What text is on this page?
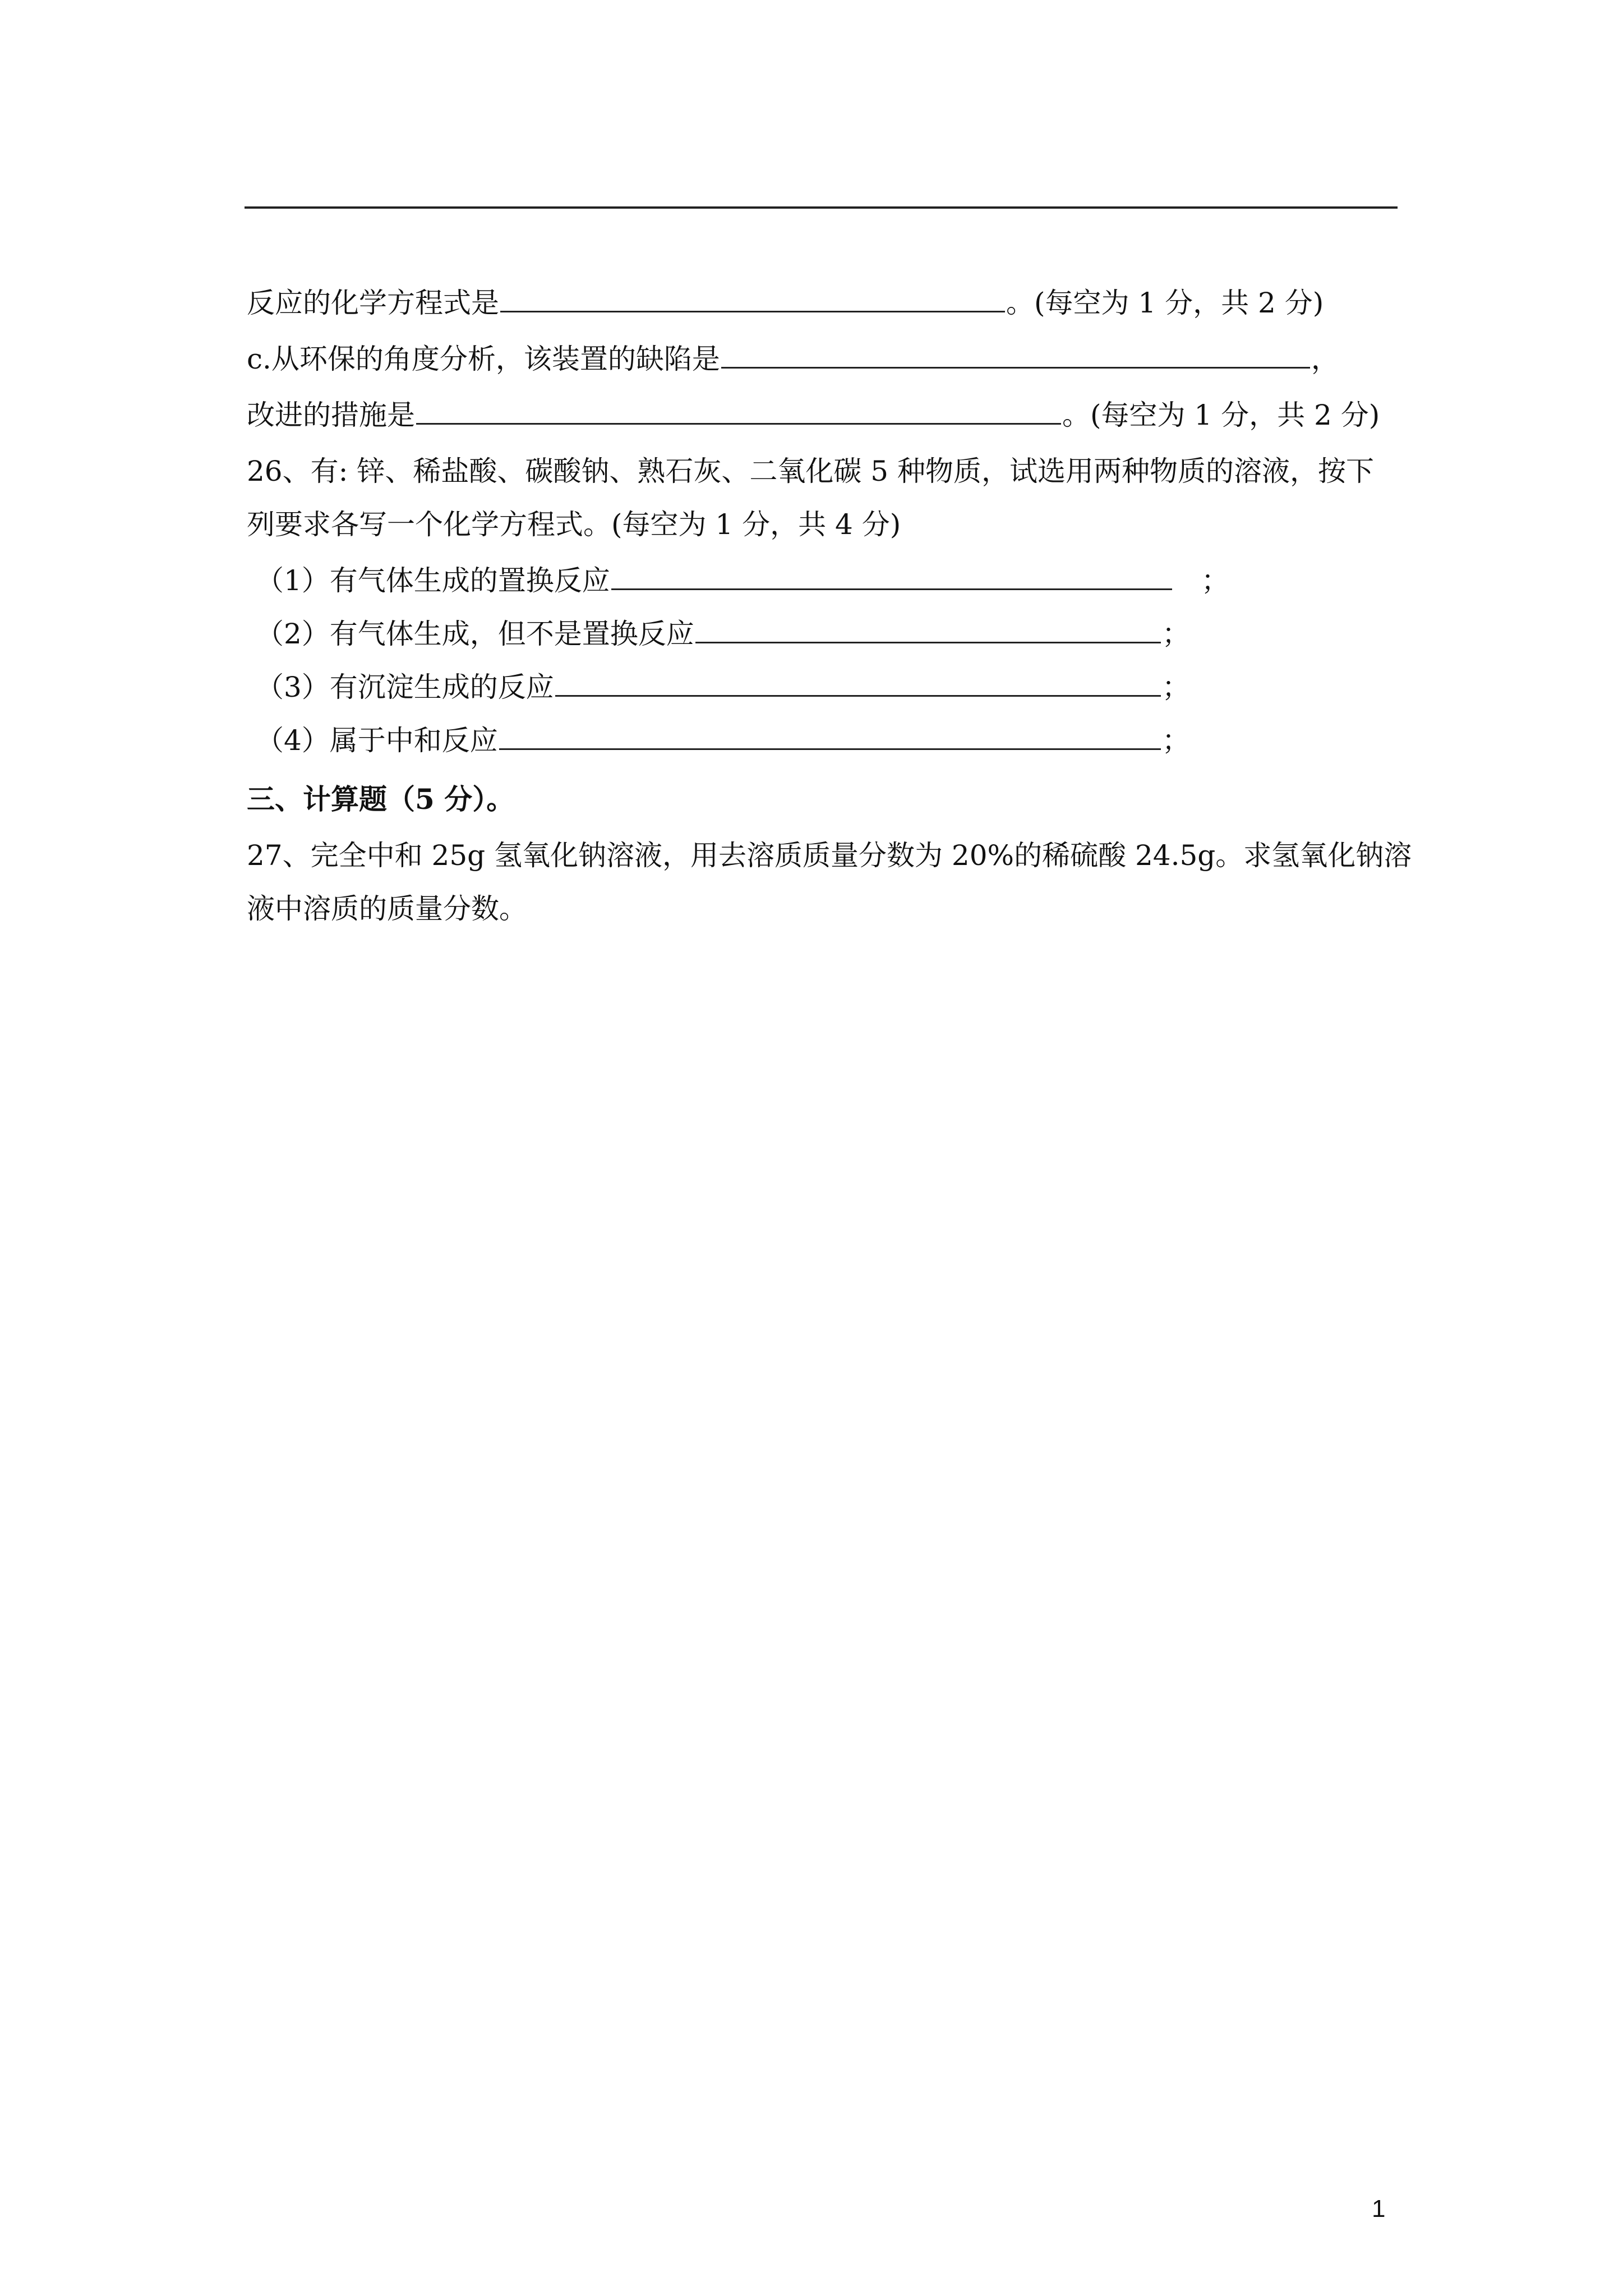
反应的化学方程式是	。(每空为 1 分，共 2 分)
c.从环保的角度分析，该装置的缺陷是	，
改进的措施是	。(每空为 1 分，共 2 分)
26、有: 锌、稀盐酸、碳酸钠、熟石灰、二氧化碳 5 种物质，试选用两种物质的溶液，按下
列要求各写一个化学方程式。(每空为 1 分，共 4 分)
（1）有气体生成的置换反应	；
（2）有气体生成，但不是置换反应	；
（3）有沉淀生成的反应	；
（4）属于中和反应	；
三、计算题（5 分）。
27、完全中和 25g 氢氧化钠溶液，用去溶质质量分数为 20%的稀硫酸 24.5g。求氢氧化钠溶
液中溶质的质量分数。
1
